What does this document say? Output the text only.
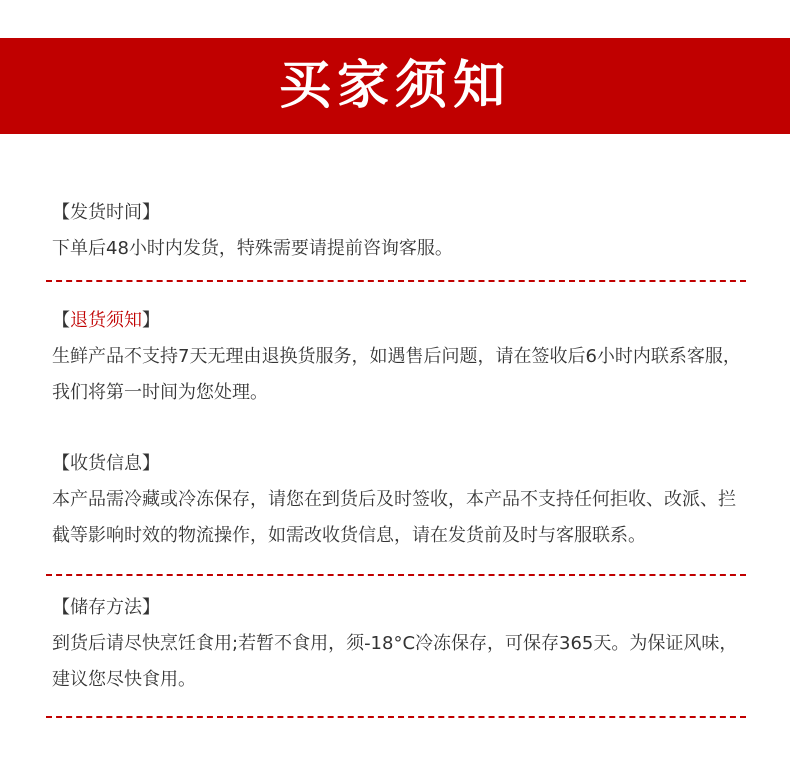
买家须知

【发货时间】

下单后48小时内发货，特殊需要请提前咨询客服。

【退货须知】

生鲜产品不支持7天无理由退换货服务，如遇售后问题，请在签收后6小时内联系客服，我们将第一时间为您处理。

【收货信息】

本产品需冷藏或冷冻保存，请您在到货后及时签收，本产品不支持任何拒收、改派、拦截等影响时效的物流操作，如需改收货信息，请在发货前及时与客服联系。

【储存方法】

到货后请尽快烹饪食用;若暂不食用，须-18°C冷冻保存，可保存365天。为保证风味，建议您尽快食用。
